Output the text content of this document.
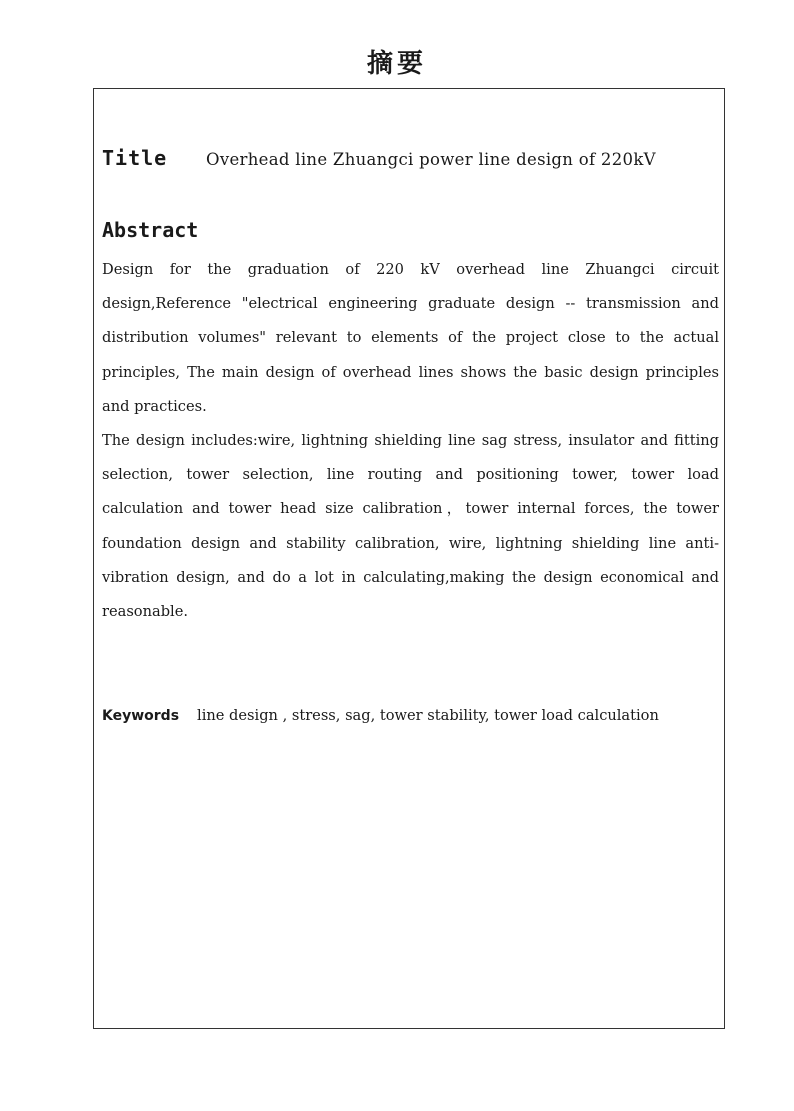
摘要
Title Overhead line Zhuangci power line design of 220kV
Abstract

Design for the graduation of 220 kV overhead line Zhuangci circuit design,Reference "electrical engineering graduate design -- transmission and distribution volumes" relevant to elements of the project close to the actual principles, The main design of overhead lines shows the basic design principles and practices.

The design includes:wire, lightning shielding line sag stress, insulator and fitting selection, tower selection, line routing and positioning tower, tower load calculation and tower head size calibration，tower internal forces, the tower foundation design and stability calibration, wire, lightning shielding line anti-vibration design, and do a lot in calculating,making the design economical and reasonable.

Keywords line design , stress, sag, tower stability, tower load calculation
